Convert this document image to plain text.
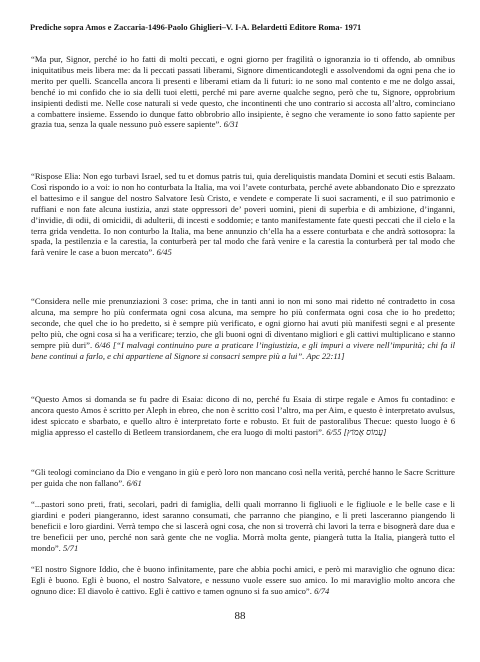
Prediche sopra Amos e Zaccaria-1496-Paolo Ghiglieri–V. I-A. Belardetti Editore Roma- 1971
“Ma pur, Signor, perché io ho fatti di molti peccati, e ogni giorno per fragilità o ignoranzia io ti offendo, ab omnibus iniquitatibus meis libera me: da li peccati passati liberami, Signore dimenticandotegli e assolvendomi da ogni pena che io merito per quelli. Scancella ancora li presenti e liberami etiam da li futuri: io ne sono mal contento e me ne dolgo assai, benché io mi confido che io sia delli tuoi eletti, perché mi pare averne qualche segno, però che tu, Signore, opprobrium insipienti dedisti me. Nelle cose naturali si vede questo, che incontinenti che uno contrario si accosta all’altro, cominciano a combattere insieme. Essendo io dunque fatto obbrobrio allo insipiente, è segno che veramente io sono fatto sapiente per grazia tua, senza la quale nessuno può essere sapiente”. 6/31
“Rispose Elia: Non ego turbavi Israel, sed tu et domus patris tui, quia dereliquistis mandata Domini et secuti estis Balaam. Così rispondo io a voi: io non ho conturbata la Italia, ma voi l’avete conturbata, perché avete abbandonato Dio e sprezzato el battesimo e il sangue del nostro Salvatore Iesù Cristo, e vendete e comperate li suoi sacramenti, e il suo patrimonio e ruffiani e non fate alcuna iustizia, anzi state oppressori de’ poveri uomini, pieni di superbia e di ambizione, d’inganni, d’invidie, di odii, di omicidii, di adulterii, di incesti e soddomie; e tanto manifestamente fate questi peccati che il cielo e la terra grida vendetta. Io non conturbo la Italia, ma bene annunzio ch’ella ha a essere conturbata e che andrà sottosopra: la spada, la pestilenzia e la carestia, la conturberà per tal modo che farà venire e la carestia la conturberà per tal modo che farà venire le case a buon mercato”. 6/45
“Considera nelle mie prenunziazioni 3 cose: prima, che in tanti anni io non mi sono mai ridetto né contradetto in cosa alcuna, ma sempre ho più confermata ogni cosa alcuna, ma sempre ho più confermata ogni cosa che io ho predetto; seconde, che quel che io ho predetto, si è sempre più verificato, e ogni giorno hai avuti più manifesti segni e al presente pelto più, che ogni cosa si ha a verificare; terzio, che gli buoni ogni dì diventano migliori e gli cattivi multiplicano e stanno sempre più duri”. 6/46 [“I malvagi continuino pure a praticare l’ingiustizia, e gli impuri a vivere nell’impurità; chi fa il bene continui a farlo, e chi appartiene al Signore si consacri sempre più a lui”. Apc 22:11]
“Questo Amos si domanda se fu padre di Esaia: dicono di no, perché fu Esaia di stirpe regale e Amos fu contadino: e ancora questo Amos è scritto per Aleph in ebreo, che non è scritto così l’altro, ma per Aim, e questo è interpretato avulsus, idest spiccato e sbarbato, e quello altro è interpretato forte e robusto. Et fuit de pastoralibus Thecue: questo luogo è 6 miglia appresso el castello di Betleem transiordanem, che era luogo di molti pastori”. 6/55 [עָמוֹס אָמוֹץ]
“Gli teologi cominciano da Dio e vengano in giù e però loro non mancano così nella verità, perché hanno le Sacre Scritture per guida che non fallano”. 6/61
“...pastori sono preti, frati, secolari, padri di famiglia, delli quali morranno li figliuoli e le figliuole e le belle case e li giardini e poderi piangeranno, idest saranno consumati, che parranno che piangino, e li preti lasceranno piangendo li beneficii e loro giardini. Verrà tempo che si lascerà ogni cosa, che non si troverrà chi lavori la terra e bisognerà dare dua e tre beneficii per uno, perché non sarà gente che ne voglia. Morrà molta gente, piangerà tutta la Italia, piangerà tutto el mondo”. 5/71
“El nostro Signore Iddio, che è buono infinitamente, pare che abbia pochi amici, e però mi maraviglio che ognuno dica: Egli è buono. Egli è buono, el nostro Salvatore, e nessuno vuole essere suo amico. Io mi maraviglio molto ancora che ognuno dice: El diavolo è cattivo. Egli è cattivo e tamen ognuno si fa suo amico”. 6/74
88
